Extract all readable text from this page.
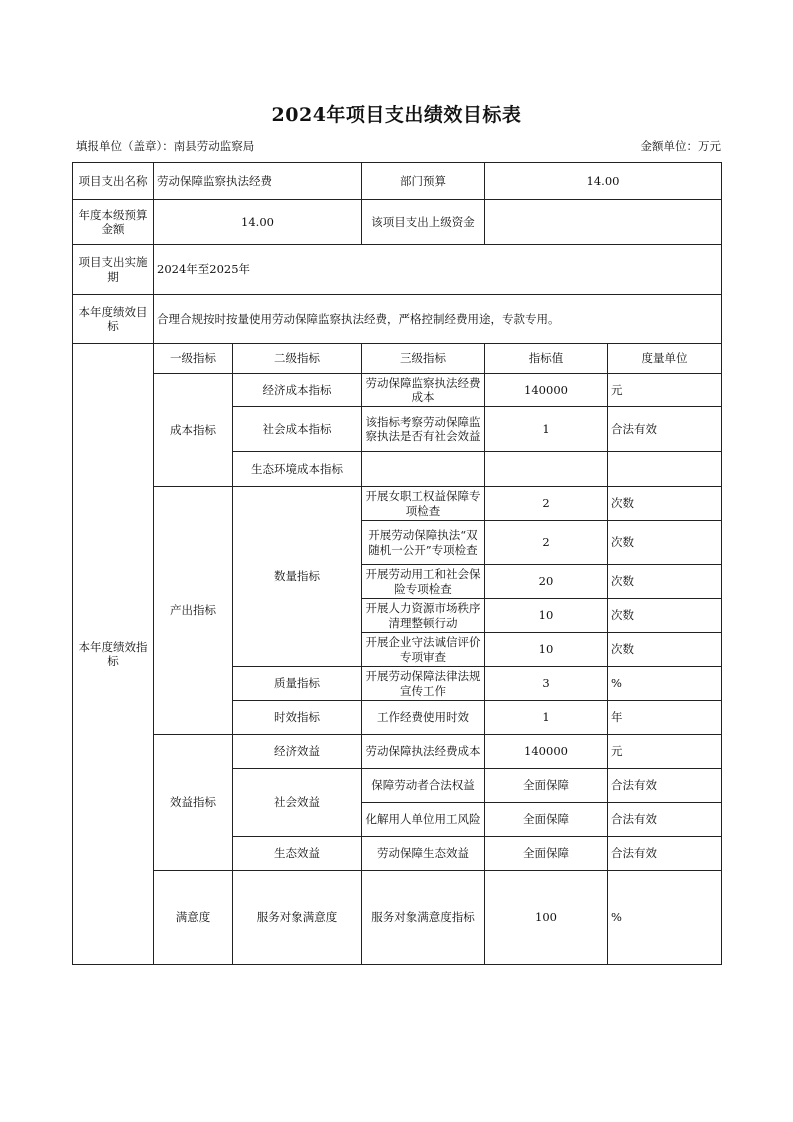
2024年项目支出绩效目标表
填报单位（盖章）：南县劳动监察局	金额单位：万元
项目支出名称	劳动保障监察执法经费		部门预算	14.00	
年度本级预算金额	14.00		该项目支出上级资金		
项目支出实施期	2024年至2025年				
本年度绩效目标	合理合规按时按量使用劳动保障监察执法经费，严格控制经费用途，专款专用。				
本年度绩效指标	一级指标	二级指标	三级指标	指标值	度量单位
	成本指标	经济成本指标	劳动保障监察执法经费成本	140000	元
		社会成本指标	该指标考察劳动保障监察执法是否有社会效益	1	合法有效
		生态环境成本指标			
	产出指标	数量指标	开展女职工权益保障专项检查	2	次数
			开展劳动保障执法“双随机一公开”专项检查	2	次数
			开展劳动用工和社会保险专项检查	20	次数
			开展人力资源市场秩序清理整顿行动	10	次数
			开展企业守法诚信评价专项审查	10	次数
		质量指标	开展劳动保障法律法规宣传工作	3	%
		时效指标	工作经费使用时效	1	年
	效益指标	经济效益	劳动保障执法经费成本	140000	元
		社会效益	保障劳动者合法权益	全面保障	合法有效
			化解用人单位用工风险	全面保障	合法有效
		生态效益	劳动保障生态效益	全面保障	合法有效
	满意度	服务对象满意度	服务对象满意度指标	100	%
